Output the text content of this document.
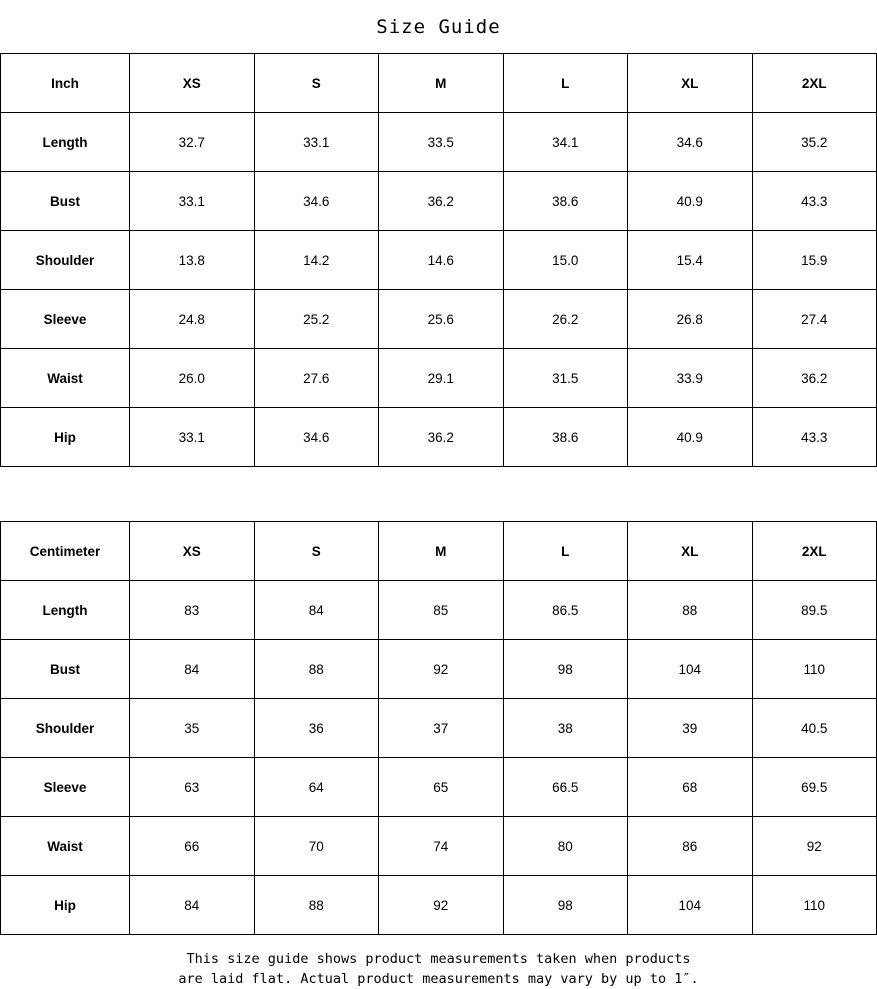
Size Guide
Inch	XS	S	M	L	XL	2XL
Length	32.7	33.1	33.5	34.1	34.6	35.2
Bust	33.1	34.6	36.2	38.6	40.9	43.3
Shoulder	13.8	14.2	14.6	15.0	15.4	15.9
Sleeve	24.8	25.2	25.6	26.2	26.8	27.4
Waist	26.0	27.6	29.1	31.5	33.9	36.2
Hip	33.1	34.6	36.2	38.6	40.9	43.3
Centimeter	XS	S	M	L	XL	2XL
Length	83	84	85	86.5	88	89.5
Bust	84	88	92	98	104	110
Shoulder	35	36	37	38	39	40.5
Sleeve	63	64	65	66.5	68	69.5
Waist	66	70	74	80	86	92
Hip	84	88	92	98	104	110
This size guide shows product measurements taken when products
are laid flat. Actual product measurements may vary by up to 1″.
